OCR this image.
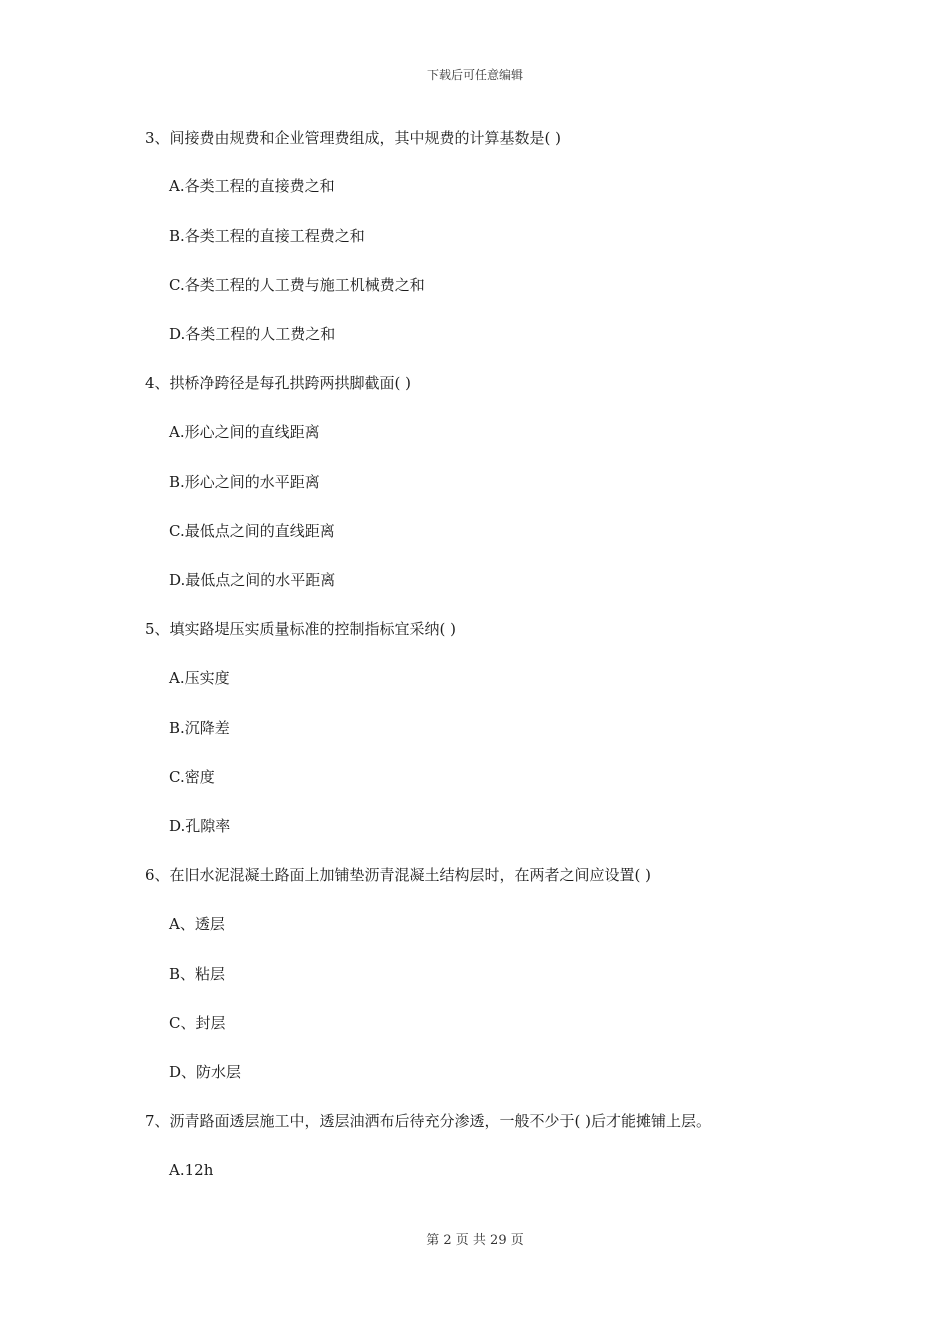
下载后可任意编辑
3、间接费由规费和企业管理费组成，其中规费的计算基数是( )
A.各类工程的直接费之和
B.各类工程的直接工程费之和
C.各类工程的人工费与施工机械费之和
D.各类工程的人工费之和
4、拱桥净跨径是每孔拱跨两拱脚截面( )
A.形心之间的直线距离
B.形心之间的水平距离
C.最低点之间的直线距离
D.最低点之间的水平距离
5、填实路堤压实质量标准的控制指标宜采纳( )
A.压实度
B.沉降差
C.密度
D.孔隙率
6、在旧水泥混凝土路面上加铺垫沥青混凝土结构层时，在两者之间应设置( )
A、透层
B、粘层
C、封层
D、防水层
7、沥青路面透层施工中，透层油洒布后待充分渗透，一般不少于( )后才能摊铺上层。
A.12h
第 2 页 共 29 页
